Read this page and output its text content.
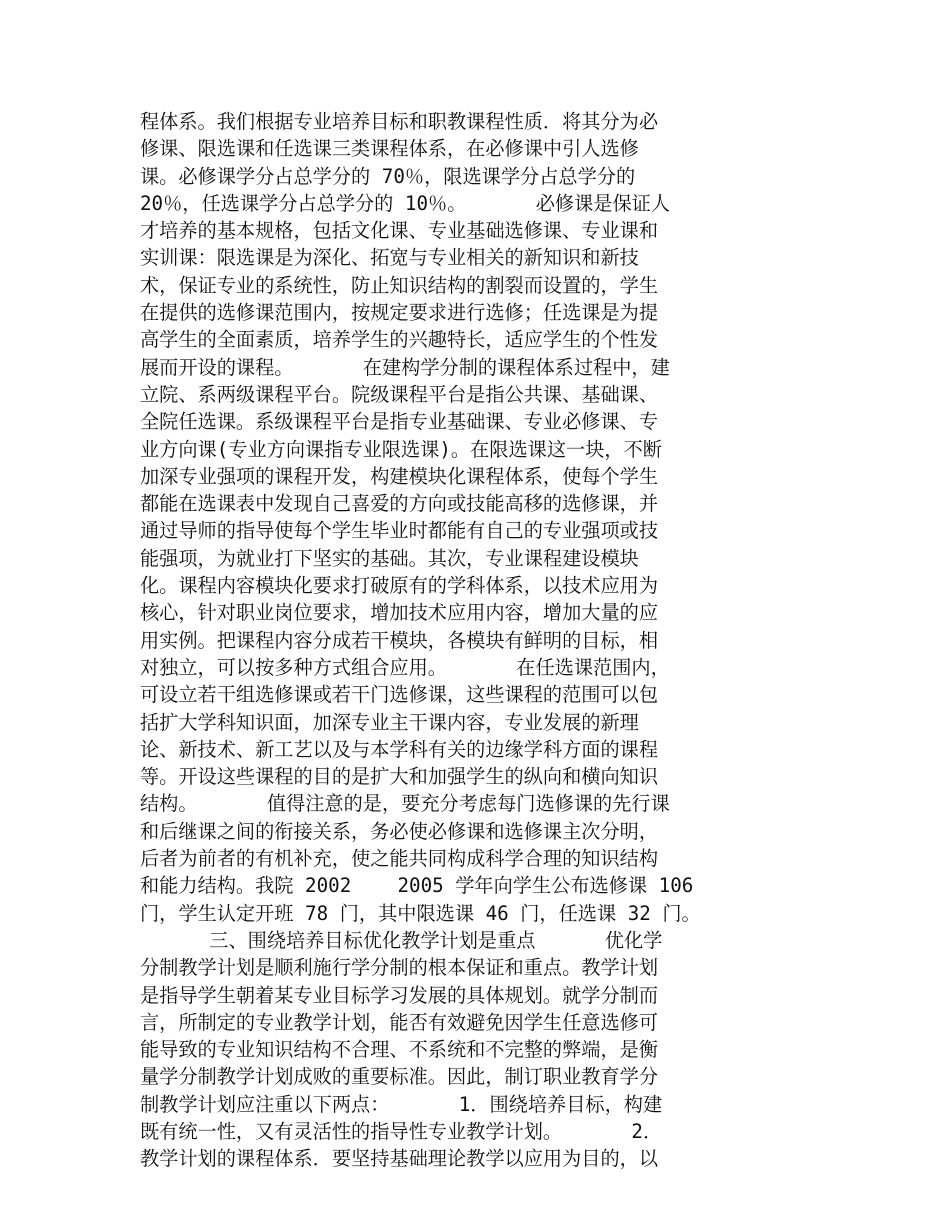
程体系。我们根据专业培养目标和职教课程性质．将其分为必
修课、限选课和任选课三类课程体系，在必修课中引人选修
课。必修课学分占总学分的 70％，限选课学分占总学分的
20％，任选课学分占总学分的 10％。      必修课是保证人
才培养的基本规格，包括文化课、专业基础选修课、专业课和
实训课：限选课是为深化、拓宽与专业相关的新知识和新技
术，保证专业的系统性，防止知识结构的割裂而设置的，学生
在提供的选修课范围内，按规定要求进行选修；任选课是为提
高学生的全面素质，培养学生的兴趣特长，适应学生的个性发
展而开设的课程。      在建构学分制的课程体系过程中，建
立院、系两级课程平台。院级课程平台是指公共课、基础课、
全院任选课。系级课程平台是指专业基础课、专业必修课、专
业方向课(专业方向课指专业限选课)。在限选课这一块，不断
加深专业强项的课程开发，构建模块化课程体系，使每个学生
都能在选课表中发现自己喜爱的方向或技能高移的选修课，并
通过导师的指导使每个学生毕业时都能有自己的专业强项或技
能强项，为就业打下坚实的基础。其次，专业课程建设模块
化。课程内容模块化要求打破原有的学科体系，以技术应用为
核心，针对职业岗位要求，增加技术应用内容，增加大量的应
用实例。把课程内容分成若干模块，各模块有鲜明的目标，相
对独立，可以按多种方式组合应用。      在任选课范围内，
可设立若干组选修课或若干门选修课，这些课程的范围可以包
括扩大学科知识面，加深专业主干课内容，专业发展的新理
论、新技术、新工艺以及与本学科有关的边缘学科方面的课程
等。开设这些课程的目的是扩大和加强学生的纵向和横向知识
结构。      值得注意的是，要充分考虑每门选修课的先行课
和后继课之间的衔接关系，务必使必修课和选修课主次分明，
后者为前者的有机补充，使之能共同构成科学合理的知识结构
和能力结构。我院 2002    2005 学年向学生公布选修课 106
门，学生认定开班 78 门，其中限选课 46 门，任选课 32 门。
三、围绕培养目标优化教学计划是重点      优化学
分制教学计划是顺利施行学分制的根本保证和重点。教学计划
是指导学生朝着某专业目标学习发展的具体规划。就学分制而
言，所制定的专业教学计划，能否有效避免因学生任意选修可
能导致的专业知识结构不合理、不系统和不完整的弊端，是衡
量学分制教学计划成败的重要标准。因此，制订职业教育学分
制教学计划应注重以下两点：      1．围绕培养目标，构建
既有统一性，又有灵活性的指导性专业教学计划。      2．
教学计划的课程体系．要坚持基础理论教学以应用为目的，以
